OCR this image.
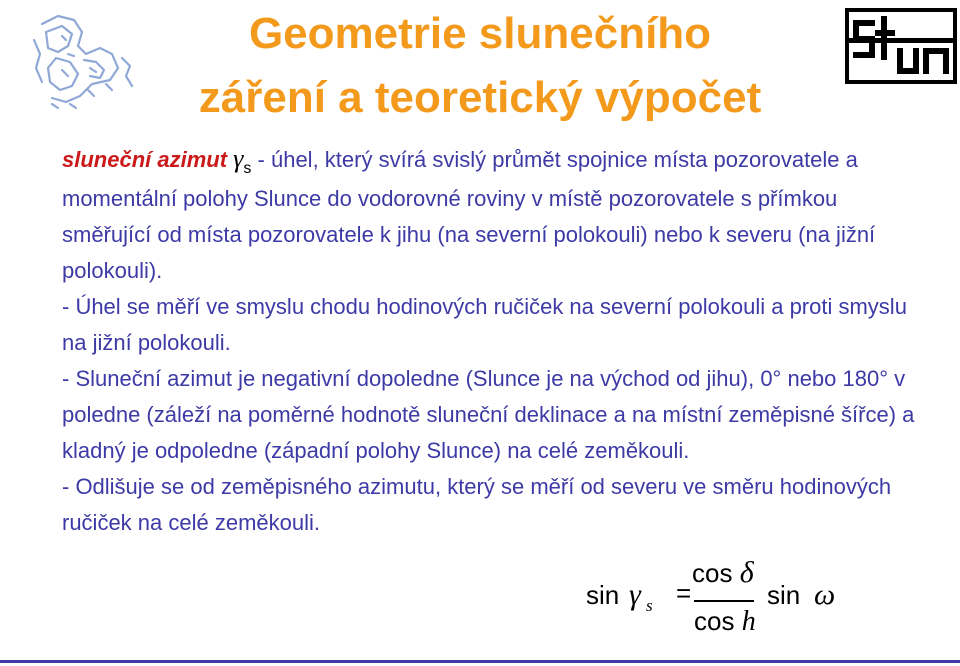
Geometrie slunečního
záření a teoretický výpočet

sluneční azimut $\gamma_s$ - úhel, který svírá svislý průmět spojnice místa pozorovatele a momentální polohy Slunce do vodorovné roviny v místě pozorovatele s přímkou směřující od místa pozorovatele k jihu (na severní polokouli) nebo k severu (na jižní polokouli).

- Úhel se měří ve smyslu chodu hodinových ručiček na severní polokouli a proti smyslu na jižní polokouli.

- Sluneční azimut je negativní dopoledne (Slunce je na východ od jihu), 0° nebo 180° v poledne (záleží na poměrné hodnotě sluneční deklinace a na místní zeměpisné šířce) a kladný je odpoledne (západní polohy Slunce) na celé zeměkouli.

- Odlišuje se od zeměpisného azimutu, který se měří od severu ve směru hodinových ručiček na celé zeměkouli.

sin γ s =
cos δ
cos h
sin ω
